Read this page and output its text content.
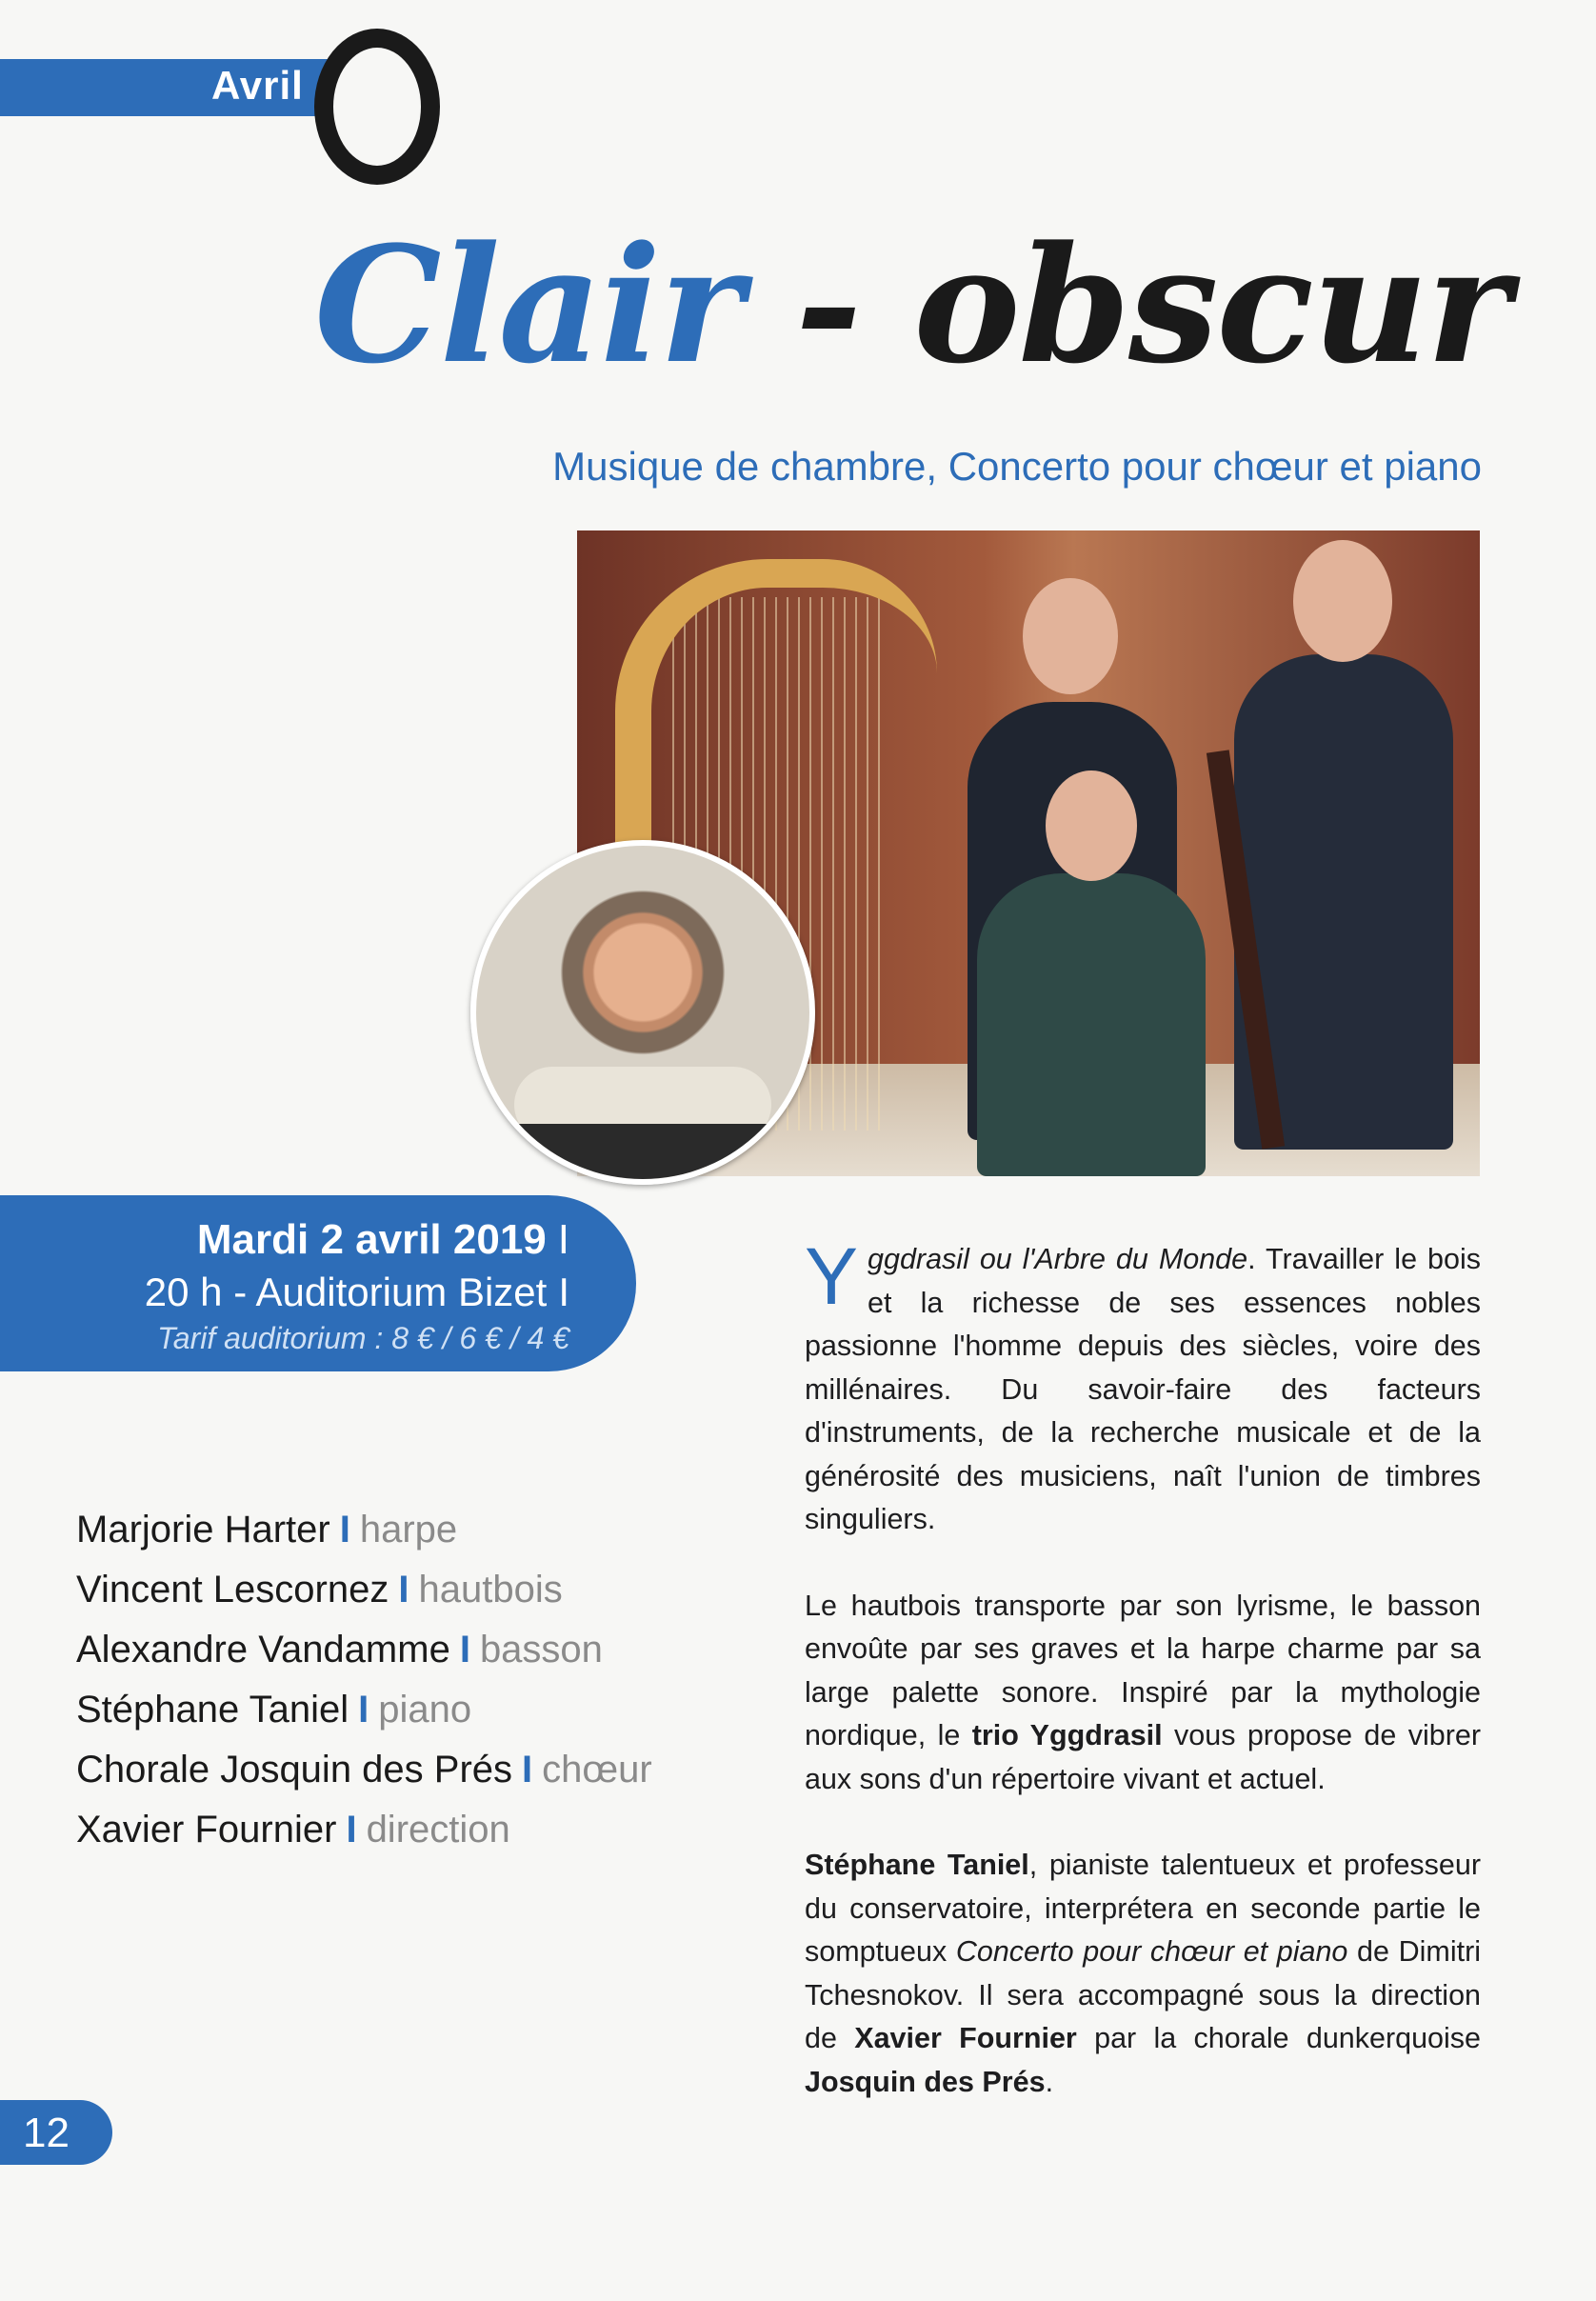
Avril
Clair - obscur
Musique de chambre, Concerto pour chœur et piano
Mardi 2 avril 2019 I
20 h - Auditorium Bizet I
Tarif auditorium : 8 € / 6 € / 4 €
Marjorie Harter I harpe
Vincent Lescornez I hautbois
Alexandre Vandamme I basson
Stéphane Taniel I piano
Chorale Josquin des Prés I chœur
Xavier Fournier I direction

Yggdrasil ou l'Arbre du Monde. Travailler le bois et la richesse de ses essences nobles passionne l'homme depuis des siècles, voire des millénaires. Du savoir-faire des facteurs d'instruments, de la recherche musicale et de la générosité des musiciens, naît l'union de timbres singuliers.

Le hautbois transporte par son lyrisme, le basson envoûte par ses graves et la harpe charme par sa large palette sonore. Inspiré par la mythologie nordique, le trio Yggdrasil vous propose de vibrer aux sons d'un répertoire vivant et actuel.

Stéphane Taniel, pianiste talentueux et professeur du conservatoire, interprétera en seconde partie le somptueux Concerto pour chœur et piano de Dimitri Tchesnokov. Il sera accompagné sous la direction de Xavier Fournier par la chorale dunkerquoise Josquin des Prés.

12
